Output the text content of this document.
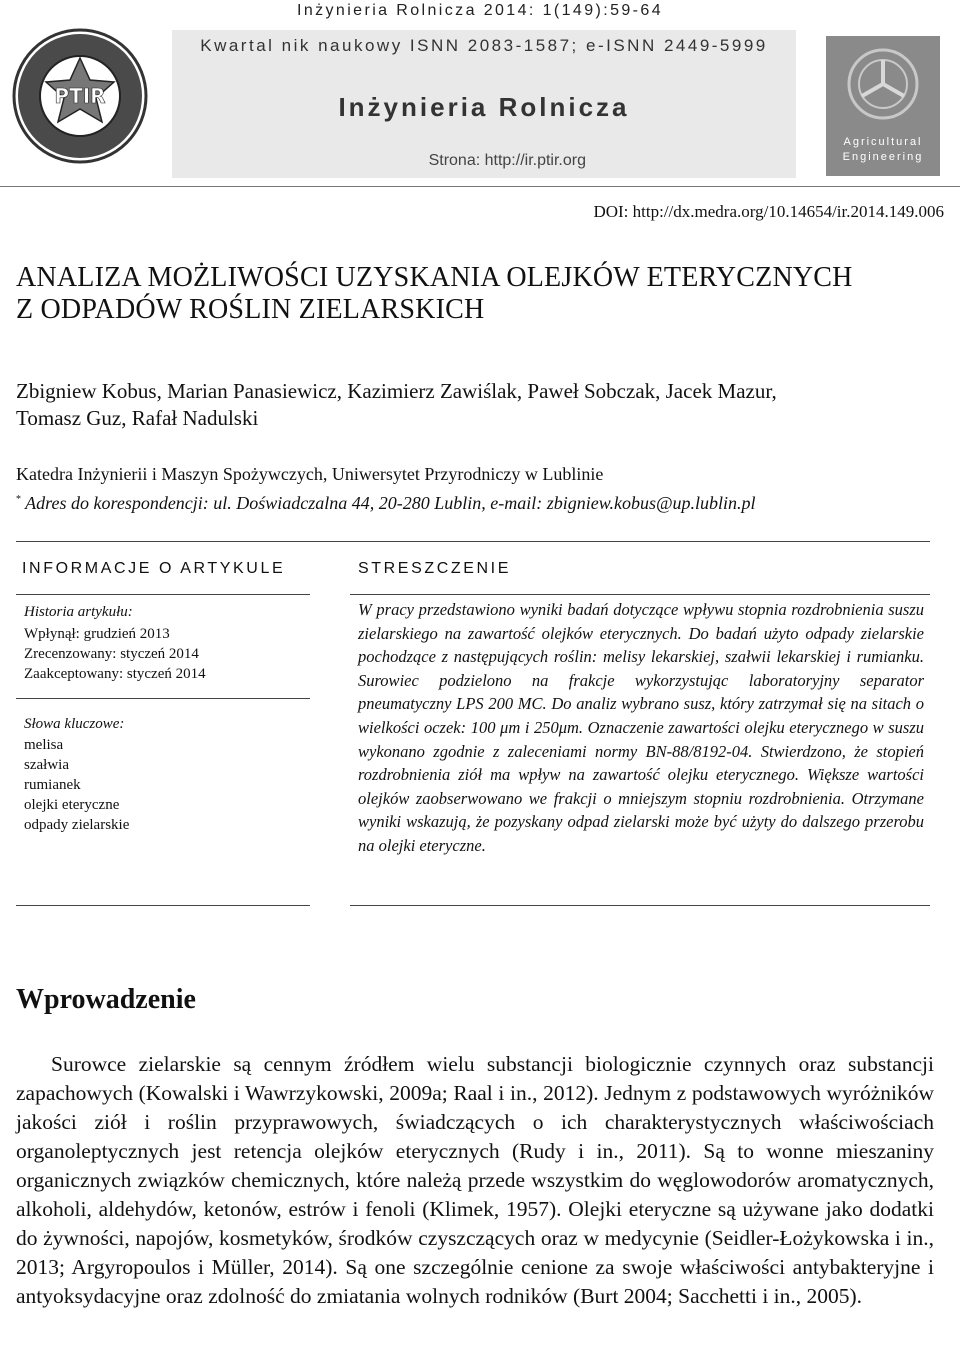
Inżynieria Rolnicza 2014: 1(149):59-64
PTIR
Kwartal nik naukowy ISNN 2083-1587; e-ISNN 2449-5999
Inżynieria Rolnicza
Strona: http://ir.ptir.org
Agricultural
Engineering
DOI: http://dx.medra.org/10.14654/ir.2014.149.006
ANALIZA MOŻLIWOŚCI UZYSKANIA OLEJKÓW ETERYCZNYCH
Z ODPADÓW ROŚLIN ZIELARSKICH
Zbigniew Kobus, Marian Panasiewicz, Kazimierz Zawiślak, Paweł Sobczak, Jacek Mazur,
Tomasz Guz, Rafał Nadulski
Katedra Inżynierii i Maszyn Spożywczych, Uniwersytet Przyrodniczy w Lublinie
* Adres do korespondencji: ul. Doświadczalna 44, 20-280 Lublin, e-mail: zbigniew.kobus@up.lublin.pl
INFORMACJE O ARTYKULE	STRESZCZENIE
Historia artykułu:
Wpłynął: grudzień 2013
Zrecenzowany: styczeń 2014
Zaakceptowany: styczeń 2014
Słowa kluczowe:
melisa
szałwia
rumianek
olejki eteryczne
odpady zielarskie
W pracy przedstawiono wyniki badań dotyczące wpływu stopnia rozdrobnienia suszu zielarskiego na zawartość olejków eterycznych. Do badań użyto odpady zielarskie pochodzące z następujących roślin: melisy lekarskiej, szałwii lekarskiej i rumianku. Surowiec podzielono na frakcje wykorzystując laboratoryjny separator pneumatyczny LPS 200 MC. Do analiz wybrano susz, który zatrzymał się na sitach o wielkości oczek: 100 μm i 250μm. Oznaczenie zawartości olejku eterycznego w suszu wykonano zgodnie z zaleceniami normy BN-88/8192-04. Stwierdzono, że stopień rozdrobnienia ziół ma wpływ na zawartość olejku eterycznego. Większe wartości olejków zaobserwowano we frakcji o mniejszym stopniu rozdrobnienia. Otrzymane wyniki wskazują, że pozyskany odpad zielarski może być użyty do dalszego przerobu na olejki eteryczne.
Wprowadzenie
Surowce zielarskie są cennym źródłem wielu substancji biologicznie czynnych oraz substancji zapachowych (Kowalski i Wawrzykowski, 2009a; Raal i in., 2012). Jednym z podstawowych wyróżników jakości ziół i roślin przyprawowych, świadczących o ich charakterystycznych właściwościach organoleptycznych jest retencja olejków eterycznych (Rudy i in., 2011). Są to wonne mieszaniny organicznych związków chemicznych, które należą przede wszystkim do węglowodorów aromatycznych, alkoholi, aldehydów, ketonów, estrów i fenoli (Klimek, 1957). Olejki eteryczne są używane jako dodatki do żywności, napojów, kosmetyków, środków czyszczących oraz w medycynie (Seidler-Łożykowska i in., 2013; Argyropoulos i Müller, 2014). Są one szczególnie cenione za swoje właściwości antybakteryjne i antyoksydacyjne oraz zdolność do zmiatania wolnych rodników (Burt 2004; Sacchetti i in., 2005).
